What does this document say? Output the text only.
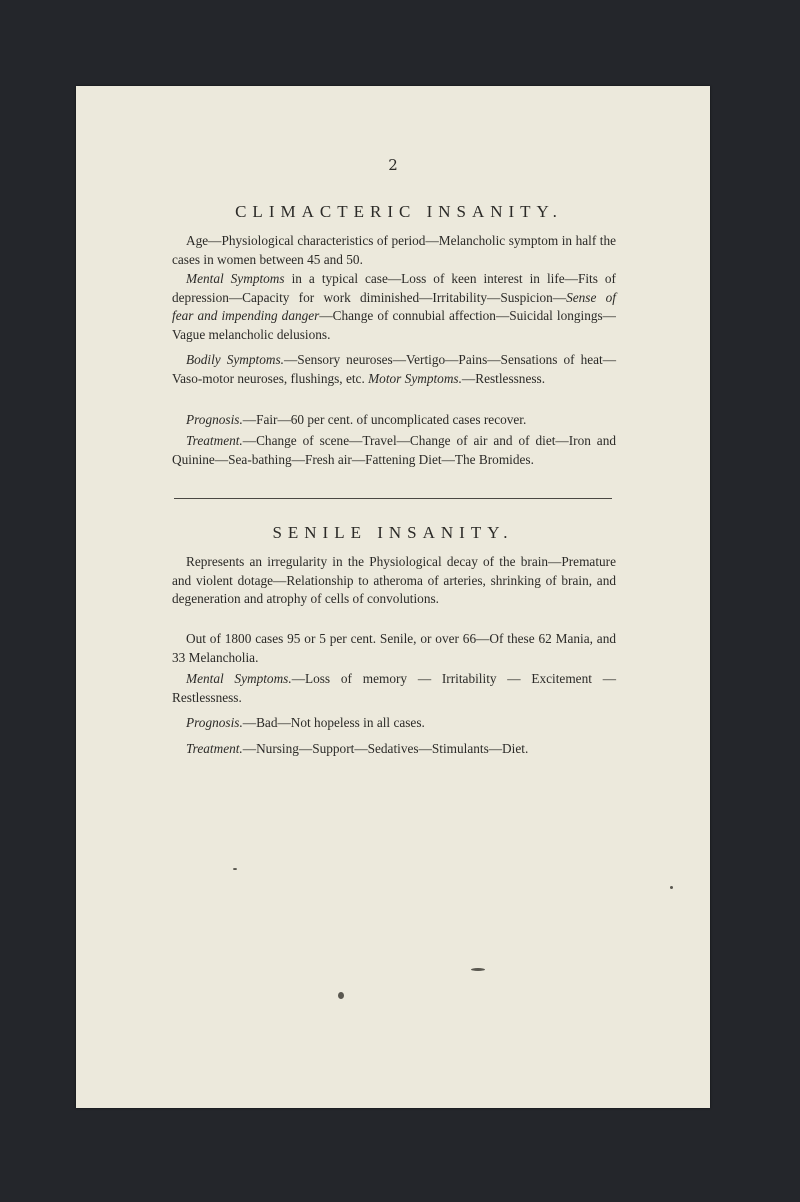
2
CLIMACTERIC INSANITY.
Age—Physiological characteristics of period—Melancholic symptom in half the cases in women between 45 and 50.
Mental Symptoms in a typical case—Loss of keen interest in life—Fits of depression—Capacity for work diminished—Irritability—Suspicion—Sense of fear and impending danger—Change of connubial affection—Suicidal longings—Vague melancholic delusions.
Bodily Symptoms.—Sensory neuroses—Vertigo—Pains—Sensations of heat—Vaso-motor neuroses, flushings, etc. Motor Symptoms.—Restlessness.
Prognosis.—Fair—60 per cent. of uncomplicated cases recover.
Treatment.—Change of scene—Travel—Change of air and of diet—Iron and Quinine—Sea-bathing—Fresh air—Fattening Diet—The Bromides.
SENILE INSANITY.
Represents an irregularity in the Physiological decay of the brain—Premature and violent dotage—Relationship to atheroma of arteries, shrinking of brain, and degeneration and atrophy of cells of convolutions.
Out of 1800 cases 95 or 5 per cent. Senile, or over 66—Of these 62 Mania, and 33 Melancholia.
Mental Symptoms.—Loss of memory — Irritability — Excitement — Restlessness.
Prognosis.—Bad—Not hopeless in all cases.
Treatment.—Nursing—Support—Sedatives—Stimulants—Diet.
